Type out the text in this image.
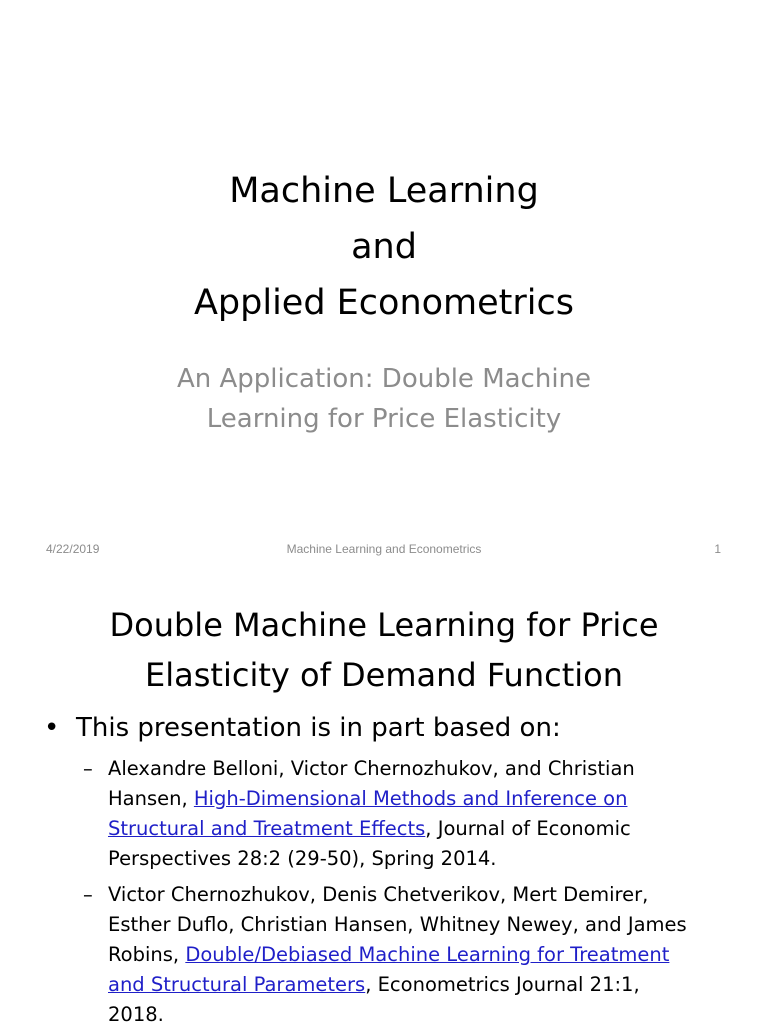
Machine Learning
and
Applied Econometrics

An Application: Double Machine
Learning for Price Elasticity

4/22/2019	Machine Learning and Econometrics	1
Double Machine Learning for Price
Elasticity of Demand Function
• This presentation is in part based on:
– Alexandre Belloni, Victor Chernozhukov, and Christian
Hansen, High-Dimensional Methods and Inference on
Structural and Treatment Effects, Journal of Economic
Perspectives 28:2 (29-50), Spring 2014.
– Victor Chernozhukov, Denis Chetverikov, Mert Demirer,
Esther Duflo, Christian Hansen, Whitney Newey, and James
Robins, Double/Debiased Machine Learning for Treatment
and Structural Parameters, Econometrics Journal 21:1,
2018.
